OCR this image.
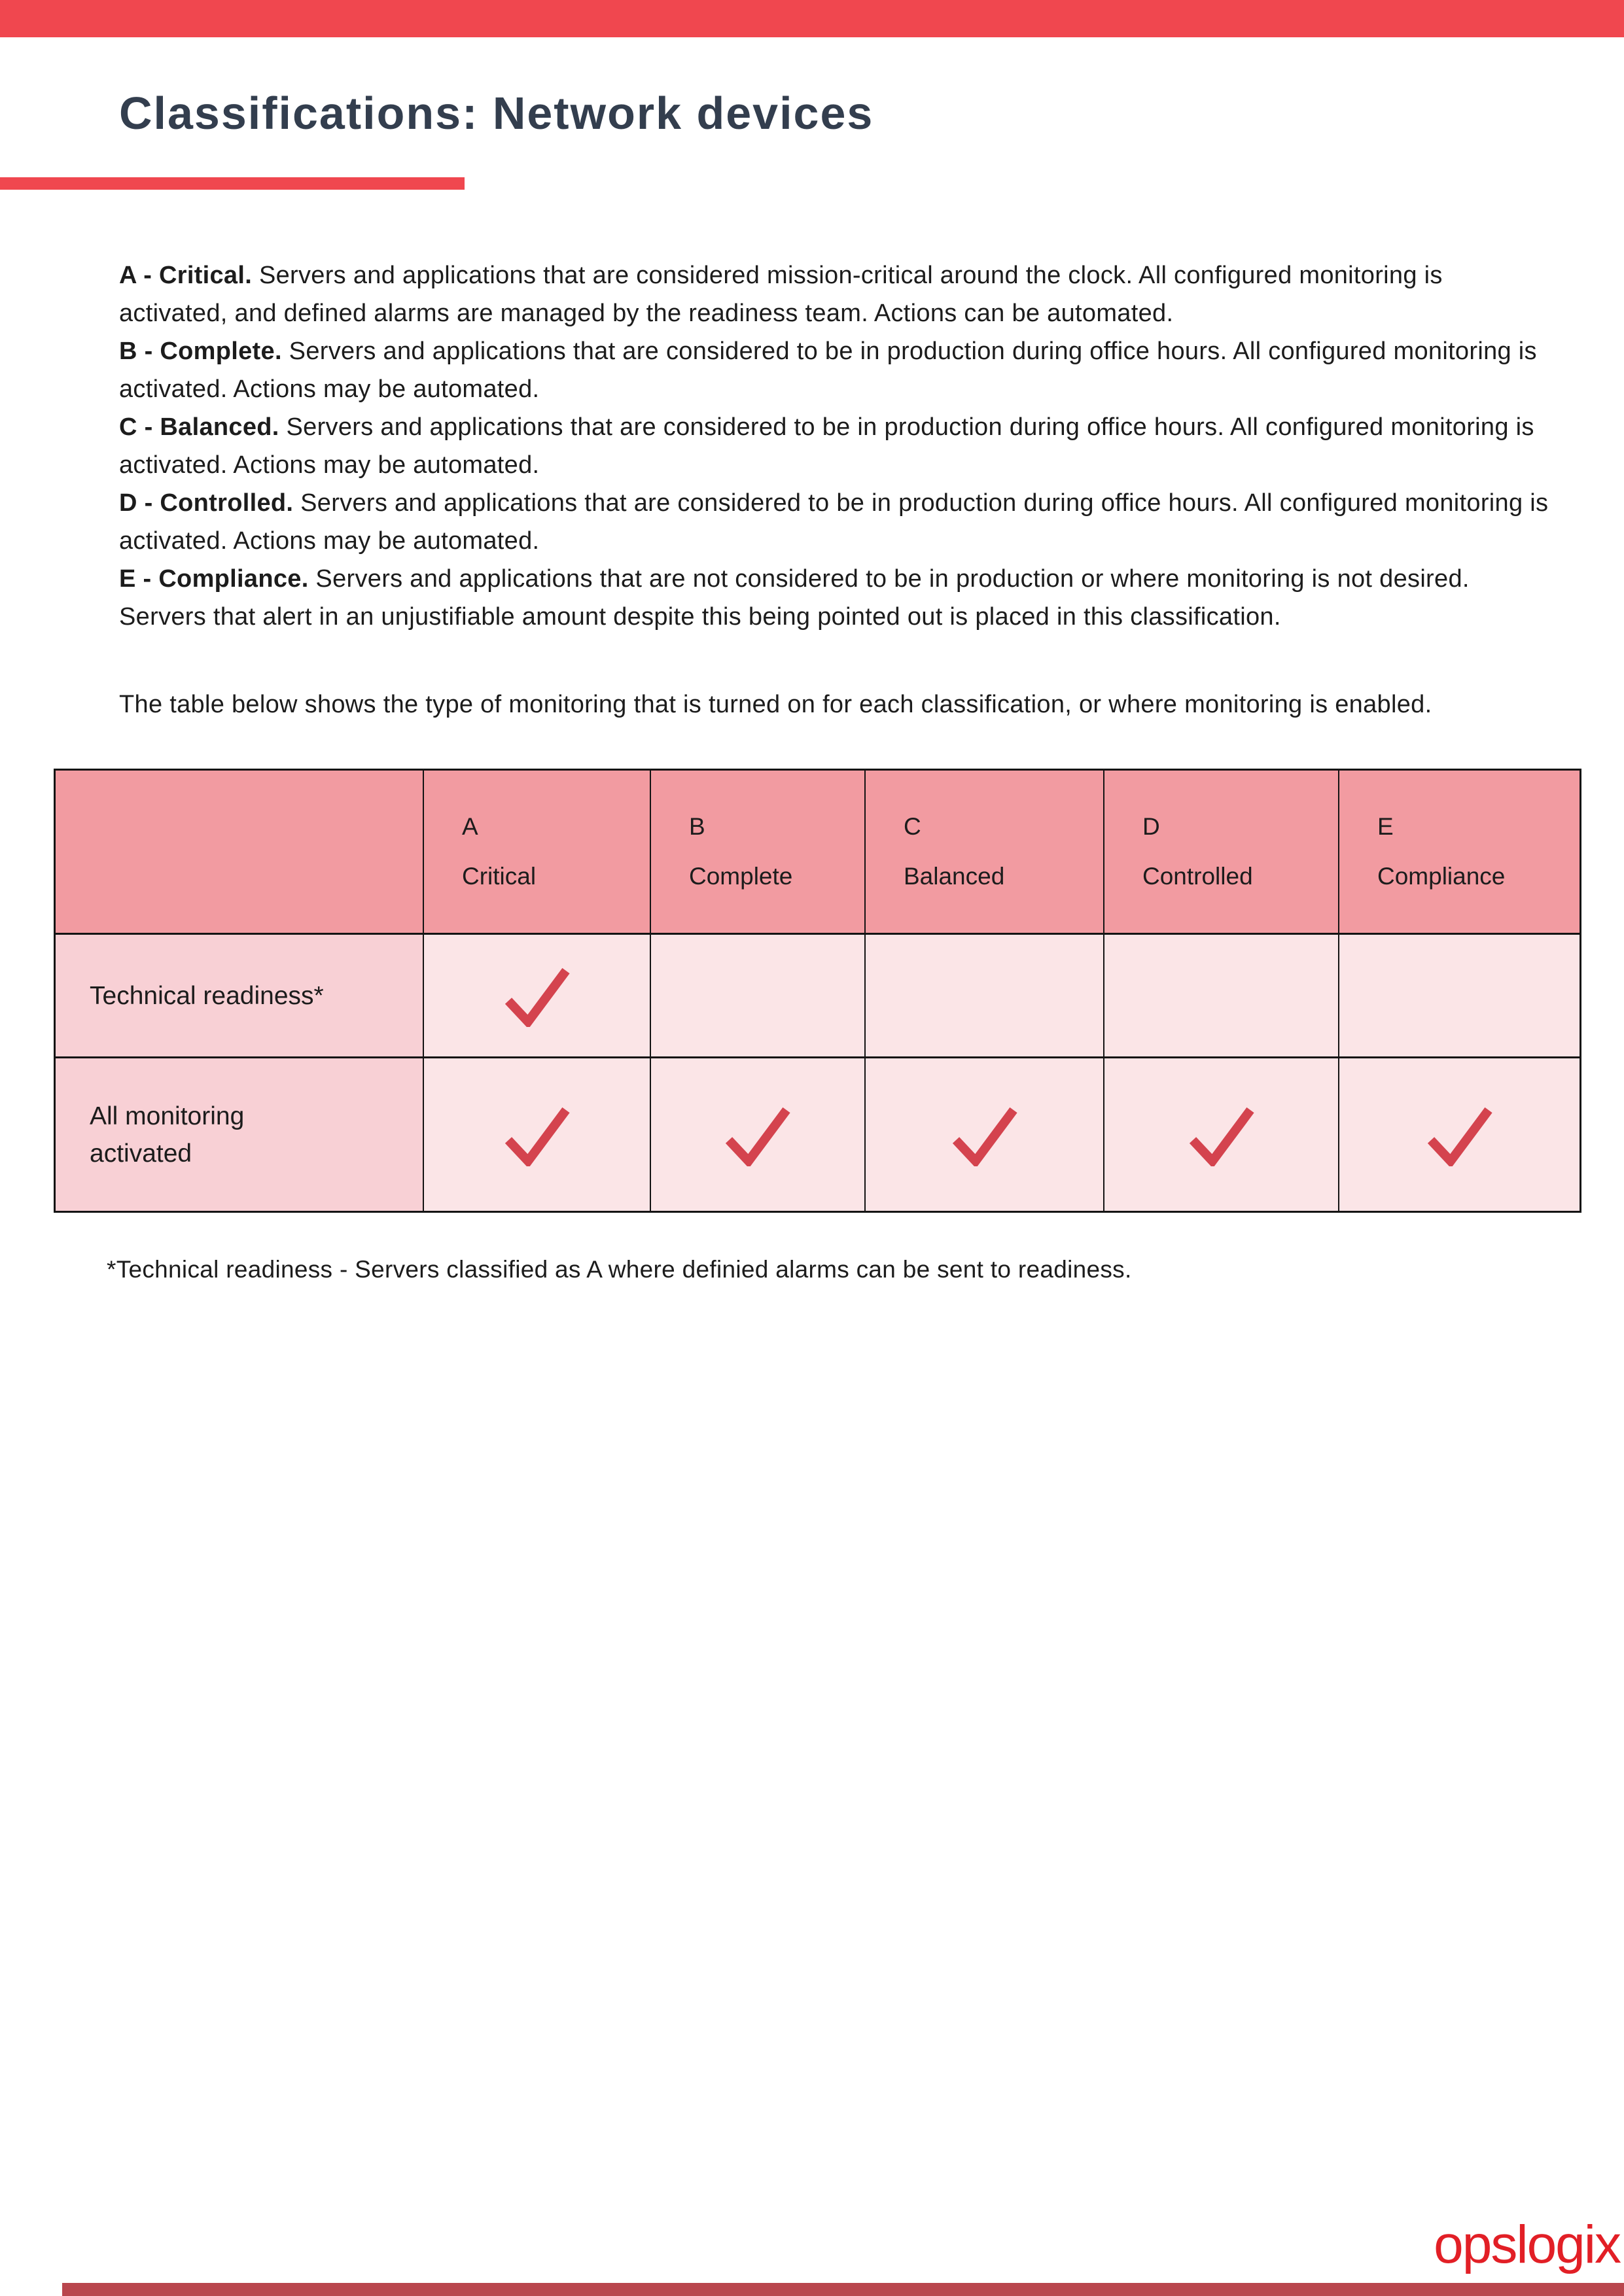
Classifications: Network devices

A - Critical. Servers and applications that are considered mission-critical around the clock. All configured monitoring is activated, and defined alarms are managed by the readiness team. Actions can be automated.

B - Complete. Servers and applications that are considered to be in production during office hours. All configured monitoring is activated. Actions may be automated.

C - Balanced. Servers and applications that are considered to be in production during office hours. All configured monitoring is activated. Actions may be automated.

D - Controlled. Servers and applications that are considered to be in production during office hours. All configured monitoring is activated. Actions may be automated.

E - Compliance. Servers and applications that are not considered to be in production or where monitoring is not desired. Servers that alert in an unjustifiable amount despite this being pointed out is placed in this classification.

The table below shows the type of monitoring that is turned on for each classification, or where monitoring is enabled.

A
Critical
B
Complete
C
Balanced
D
Controlled
E
Compliance
Technical readiness*
All monitoring
activated

*Technical readiness - Servers classified as A where definied alarms can be sent to readiness.

opslogix
